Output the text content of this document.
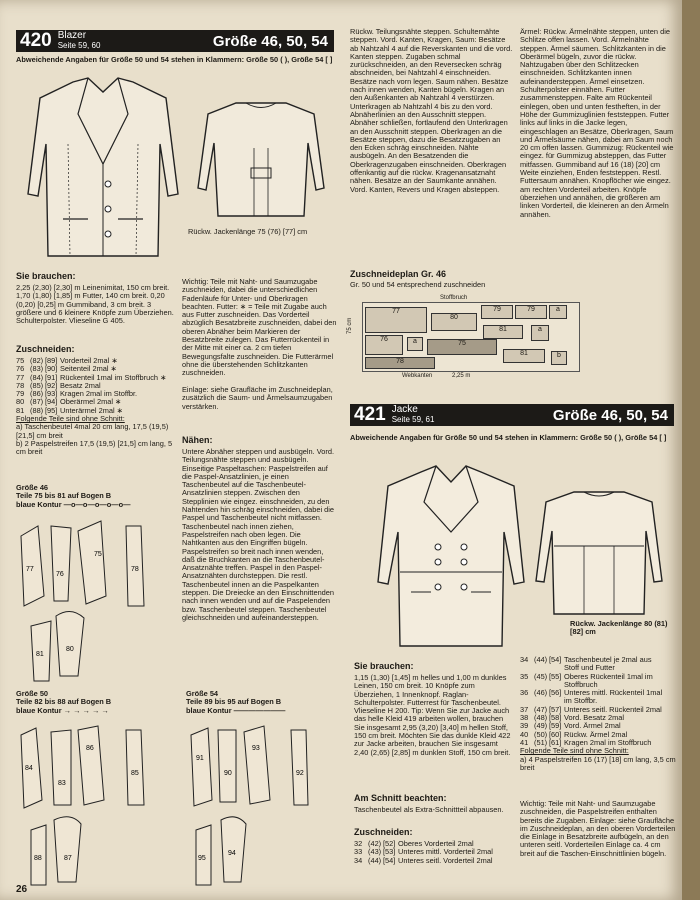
420 Blazer
Seite 59, 60	Größe 46, 50, 54
Abweichende Angaben für Größe 50 und 54 stehen in Klammern: Größe 50 ( ), Größe 54 [ ]
Rückw. Jackenlänge 75 (76) [77] cm
Sie brauchen:
2,25 (2,30) [2,30] m Leinenimitat, 150 cm breit. 1,70 (1,80) [1,85] m Futter, 140 cm breit. 0,20 (0,20) [0,25] m Gummiband, 3 cm breit. 3 größere und 6 kleinere Knöpfe zum Überziehen. Schulterpolster. Vlieseline G 405.
Zuschneiden:
75 (82) [89] Vorderteil 2mal ∗
76 (83) [90] Seitenteil 2mal ∗
77 (84) [91] Rückenteil 1mal im Stoffbruch ∗
78 (85) [92] Besatz 2mal
79 (86) [93] Kragen 2mal im Stoffbr.
80 (87) [94] Oberärmel 2mal ∗
81 (88) [95] Unterärmel 2mal ∗
Folgende Teile sind ohne Schnitt:
a) Taschenbeutel 4mal 20 cm lang, 17,5 (19,5) [21,5] cm breit
b) 2 Paspelstreifen 17,5 (19,5) [21,5] cm lang, 5 cm breit
Wichtig: Teile mit Naht- und Saumzugabe zuschneiden, dabei die unterschiedlichen Fadenläufe für Unter- und Oberkragen beachten. Futter: ∗ = Teile mit Zugabe auch aus Futter zuschneiden. Das Vorderteil abzüglich Besatzbreite zuschneiden, dabei den oberen Abnäher beim Markieren der Besatzbreite zulegen. Das Futterrückenteil in der Mitte mit einer ca. 2 cm tiefen Bewegungsfalte zuschneiden. Die Futterärmel ohne die überstehenden Schlitzkanten zuschneiden.
Einlage: siehe Graufläche im Zuschneideplan, zusätzlich die Saum- und Ärmelsaumzugaben verstärken.
Nähen:
Untere Abnäher steppen und ausbügeln. Vord. Teilungsnähte steppen und ausbügeln. Einseitige Paspeltaschen: Paspelstreifen auf die Paspel-Ansatzlinien, je einen Taschenbeutel auf die Taschenbeutel-Ansatzlinien steppen. Zwischen den Stepplinien wie eingez. einschneiden, zu den Nahtenden hin schräg einschneiden, dabei die Paspel und Taschenbeutel nicht mitfassen. Taschenbeutel nach innen ziehen, Paspelstreifen nach oben legen. Die Nahtkanten aus den Eingriffen bügeln. Paspelstreifen so breit nach innen wenden, daß die Bruchkanten an die Taschenbeutel-Ansatznähte treffen. Paspel in den Paspel-Ansatznähten durchsteppen. Die restl. Taschenbeutel innen an die Paspelkanten steppen. Die Dreiecke an den Einschnittenden nach innen wenden und auf die Paspelenden bzw. Taschenbeutel steppen. Taschenbeutel gleichschneiden und aufeinandersteppen.
Größe 46
Teile 75 bis 81 auf Bogen B
blaue Kontur —o—o—o—o—o—
77
76
75
78
81
80
Größe 50
Teile 82 bis 88 auf Bogen B
blaue Kontur → → → → →
84
83
86
85
88	87
Größe 54
Teile 89 bis 95 auf Bogen B
blaue Kontur ———————
91
90
93
92
95
94
26
Rückw. Teilungsnähte steppen. Schulternähte steppen. Vord. Kanten, Kragen, Saum: Besätze ab Nahtzahl 4 auf die Reverskanten und die vord. Kanten steppen. Zugaben schmal zurückschneiden, an den Reversecken schräg abschneiden, bei Nahtzahl 4 einschneiden. Besätze nach vorn legen. Saum nähen. Besätze nach innen wenden, Kanten bügeln. Kragen an den Außenkanten ab Nahtzahl 4 verstürzen. Unterkragen ab Nahtzahl 4 bis zu den vord. Abnäherlinien an den Ausschnitt steppen. Abnäher schließen, fortlaufend den Unterkragen an den Ausschnitt steppen. Oberkragen an die Besätze steppen, dazu die Besatzzugaben an den Ecken schräg einschneiden. Nähte ausbügeln. An den Besatzenden die Oberkragenzugaben einschneiden. Oberkragen offenkantig auf die rückw. Kragenansatznaht nähen. Besätze an der Saumkante annähen. Vord. Kanten, Revers und Kragen absteppen.
Ärmel: Rückw. Ärmelnähte steppen, unten die Schlitze offen lassen. Vord. Ärmelnähte steppen. Ärmel säumen. Schlitzkanten in die Oberärmel bügeln, zuvor die rückw. Nahtzugaben über den Schlitzecken einschneiden. Schlitzkanten innen aufeinandersteppen. Ärmel einsetzen. Schulterpolster einnähen. Futter zusammensteppen. Falte am Rückenteil einlegen, oben und unten festheften, in der Höhe der Gummizuglinien feststeppen. Futter links auf links in die Jacke legen, eingeschlagen an Besätze, Oberkragen, Saum und Ärmelsäume nähen, dabei am Saum noch 20 cm offen lassen. Gummizug: Rückenteil wie eingez. für Gummizug absteppen, das Futter mitfassen. Gummiband auf 16 (18) [20] cm Weite einziehen, Enden feststeppen. Restl. Futtersaum annähen. Knopflöcher wie eingez. am rechten Vorderteil arbeiten. Knöpfe überziehen und annähen, die größeren am linken Vorderteil, die kleineren an den Ärmeln annähen.
Zuschneideplan Gr. 46
Gr. 50 und 54 entsprechend zuschneiden
77
80
79	79	a
81	a
76	a	75
78
81	b
Stoffbruch
Webkanten	2,25 m
75 cm
421 Jacke
Seite 59, 61	Größe 46, 50, 54
Abweichende Angaben für Größe 50 und 54 stehen in Klammern: Größe 50 ( ), Größe 54 [ ]
Rückw. Jackenlänge 80 (81) [82] cm
Sie brauchen:
1,15 (1,30) [1,45] m helles und 1,00 m dunkles Leinen, 150 cm breit. 10 Knöpfe zum Überziehen, 1 Innenknopf. Raglan-Schulterpolster. Futterrest für Taschenbeutel. Vlieseline H 200. Tip: Wenn Sie zur Jacke auch das helle Kleid 419 arbeiten wollen, brauchen Sie insgesamt 2,95 (3,20) [3,40] m hellen Stoff, 150 cm breit. Möchten Sie das dunkle Kleid 422 zur Jacke arbeiten, brauchen Sie insgesamt 2,40 (2,65) [2,85] m dunklen Stoff, 150 cm breit.
Am Schnitt beachten:
Taschenbeutel als Extra-Schnittteil abpausen.
Zuschneiden:
32 (42) [52] Oberes Vorderteil 2mal
33 (43) [53] Unteres mittl. Vorderteil 2mal
34 (44) [54] Unteres seitl. Vorderteil 2mal
34 (44) [54] Taschenbeutel je 2mal aus Stoff und Futter
35 (45) [55] Oberes Rückenteil 1mal im Stoffbruch
36 (46) [56] Unteres mittl. Rückenteil 1mal im Stoffbr.
37 (47) [57] Unteres seitl. Rückenteil 2mal
38 (48) [58] Vord. Besatz 2mal
39 (49) [59] Vord. Ärmel 2mal
40 (50) [60] Rückw. Ärmel 2mal
41 (51) [61] Kragen 2mal im Stoffbruch
Folgende Teile sind ohne Schnitt:
a) 4 Paspelstreifen 16 (17) [18] cm lang, 3,5 cm breit
Wichtig: Teile mit Naht- und Saumzugabe zuschneiden, die Paspelstreifen enthalten bereits die Zugaben. Einlage: siehe Graufläche im Zuschneideplan, an den oberen Vorderteilen die Einlage in Besatzbreite aufbügeln, an den unteren seitl. Vorderteilen Einlage ca. 4 cm breit auf die Taschen-Einschnittlinien bügeln.
